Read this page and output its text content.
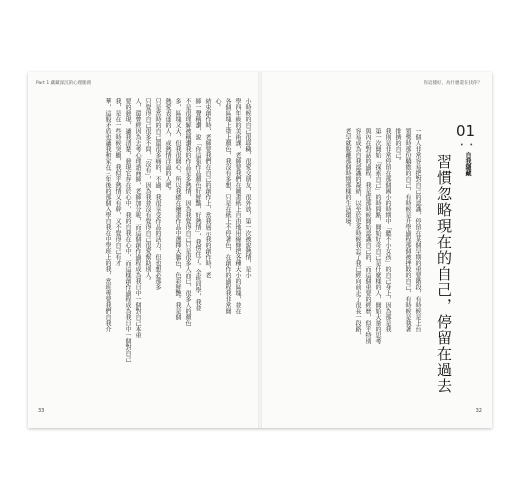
Part 1 藏藏深沉的心理脆劍	你這樣好，為什麼還在找你？
小時候的自己很耶穢，很愛交朋友，很外放，第一次被說熱情，是小
學四年級的美術課，老師要我們在圖畫紙上自由地用線條把各種大小的區塊，並在
各個區塊上塗上顏色，我沒有多想，只是在紙上不停著色，在創作的過程我非常開
心。
結束創作時，老師要我們在自己的創作上，當我展示我的創作時，老
師一聲稱讚，說「你這張作品顏色好鮮豔，好熱情」，我愣住了。全班同學，我並
不是很理解被稱讚我的作品是多熱情，因為我覺得自己只是很多人而已，很多人的顏色
多，區塊又大，但我很開心，所以我總在繪畫作品中選擇大膽色，色彩鮮艷。我是個
熱愛表達的人，或熱情洋溢的人吧。
只是當時的自己還很多痛的，不過，我很享受作品的活力，但也想必那多
只覺得自己很多不問，「沒有」，因為我並沒有覺得自己很愛幫助別人。
人，還曾經因為去考心理諮商師，老師加分呢，而這個創作過程成為我日中一個對自己本重
要的發現，讓我清楚，發現它存在於心中，我的自我在心中，而這樣創作過程成為我日中一個對自己
我，是在一些時候突顯，我似乎熱情又有幹，又不覺得自己有才
華，這般矛盾也讓我和家在三年後的那個入學自我在中學班上的我，當班專要我們自我介	01
• •
自我隱藏
習慣忽略現在的自己，停留在過去
一個人非常容易把對自己的認識，停留在某個早期的重要階段，有時候是上台
領獎時那份驕傲的自己，有時候是升學過程那個被挫敗的自己，有時候是執著
排擠的自己。
我則是非常停留在那個國小的時期中「聽不小女孩」的自己身上，因為那是我
第一次開始「探索自己」的時間點，開始好奇自己是什麼樣的人，開始大量的思考
與內在對話的過程，我是從那時候開始認識自己的，而這個重要的經歷，似乎特別
容易成為自我認識的凝結，以至於更多時候我忘了我已經向前走了很長一段路，
老早就脫離那個時期那樣的生活環境。
33	32
